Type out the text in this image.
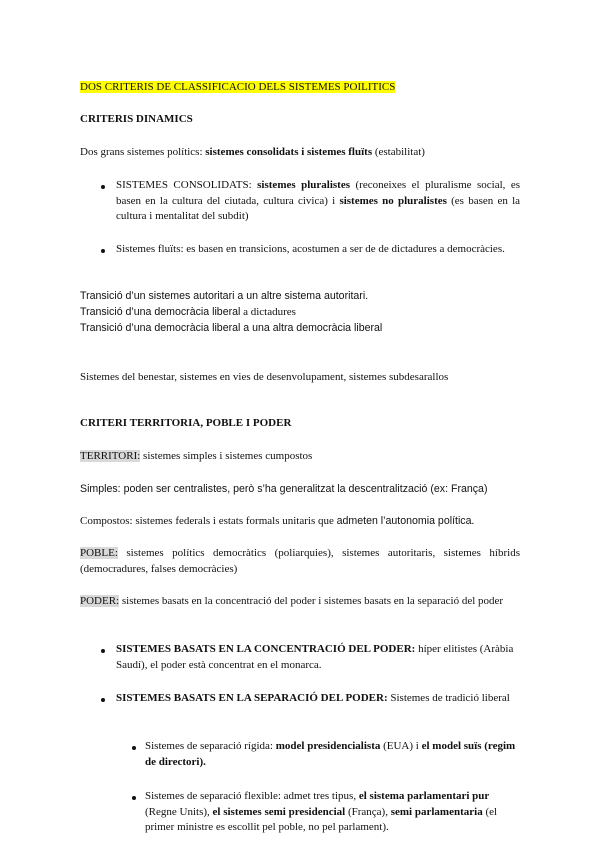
DOS CRITERIS DE CLASSIFICACIO DELS SISTEMES POILITICS
CRITERIS DINAMICS
Dos grans sistemes polítics: sistemes consolidats i sistemes fluïts (estabilitat)
SISTEMES CONSOLIDATS: sistemes pluralistes (reconeixes el pluralisme social, es basen en la cultura del ciutada, cultura civica) i sistemes no pluralistes (es basen en la cultura i mentalitat del subdit)
Sistemes fluïts: es basen en transicions, acostumen a ser de de dictadures a democràcies.
Transició d’un sistemes autoritari a un altre sistema autoritari.
Transició d’una democràcia liberal a dictadures
Transició d’una democràcia liberal a una altra democràcia liberal
Sistemes del benestar, sistemes en vies de desenvolupament, sistemes subdesarallos
CRITERI TERRITORIA, POBLE I PODER
TERRITORI: sistemes simples i sistemes cumpostos
Simples: poden ser centralistes, però s’ha generalitzat la descentralització (ex: França)
Compostos: sistemes federals i estats formals unitaris que admeten l’autonomia política.
POBLE: sistemes polítics democràtics (poliarquies), sistemes autoritaris, sistemes híbrids (democradures, falses democràcies)
PODER: sistemes basats en la concentració del poder i sistemes basats en la separació del poder
SISTEMES BASATS EN LA CONCENTRACIÓ DEL PODER: híper elitistes (Aràbia Saudí), el poder està concentrat en el monarca.
SISTEMES BASATS EN LA SEPARACIÓ DEL PODER: Sistemes de tradició liberal
Sistemes de separació rígida: model presidencialista (EUA) i el model suïs (regim de directori).
Sistemes de separació flexible: admet tres tipus, el sistema parlamentari pur (Regne Units), el sistemes semi presidencial (França), semi parlamentaria (el primer ministre es escollit pel poble, no pel parlament).
